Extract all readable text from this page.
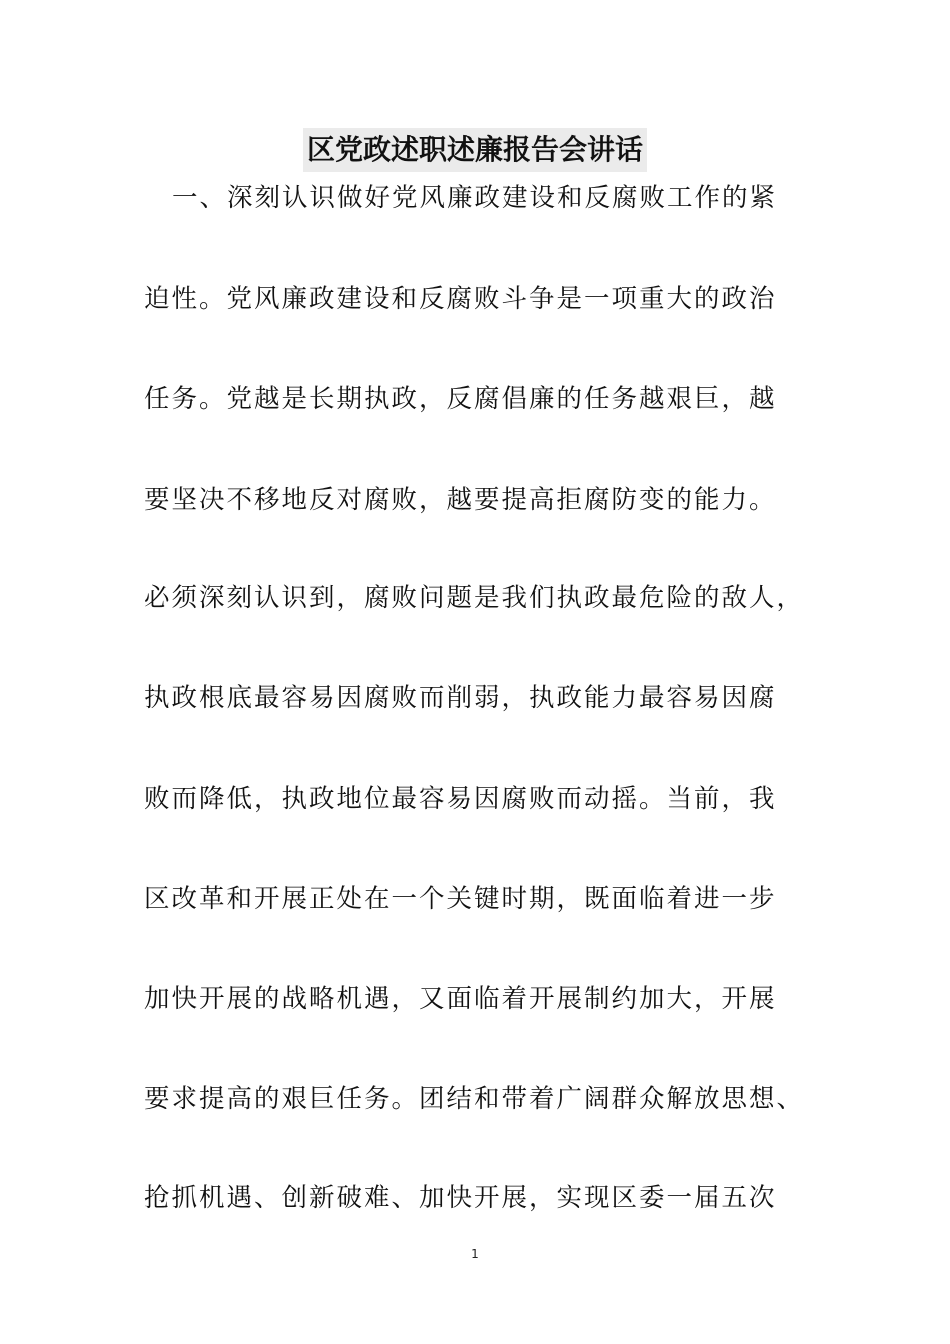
区党政述职述廉报告会讲话
一、深刻认识做好党风廉政建设和反腐败工作的紧
迫性。党风廉政建设和反腐败斗争是一项重大的政治
任务。党越是长期执政，反腐倡廉的任务越艰巨，越
要坚决不移地反对腐败，越要提高拒腐防变的能力。
必须深刻认识到，腐败问题是我们执政最危险的敌人，
执政根底最容易因腐败而削弱，执政能力最容易因腐
败而降低，执政地位最容易因腐败而动摇。当前，我
区改革和开展正处在一个关键时期，既面临着进一步
加快开展的战略机遇，又面临着开展制约加大，开展
要求提高的艰巨任务。团结和带着广阔群众解放思想、
抢抓机遇、创新破难、加快开展，实现区委一届五次
1
